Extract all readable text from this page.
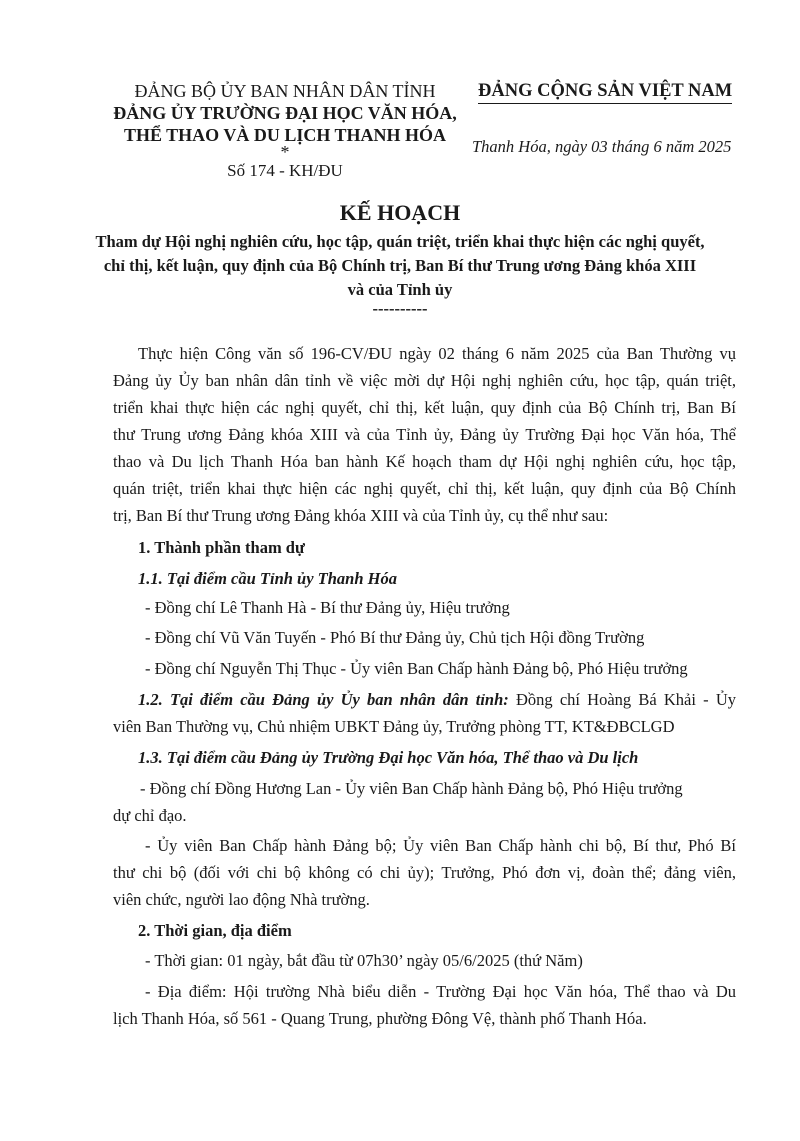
ĐẢNG BỘ ỦY BAN NHÂN DÂN TỈNH
ĐẢNG ỦY TRƯỜNG ĐẠI HỌC VĂN HÓA,
THỂ THAO VÀ DU LỊCH THANH HÓA
*
Số 174 - KH/ĐU
ĐẢNG CỘNG SẢN VIỆT NAM
Thanh Hóa, ngày 03 tháng 6 năm 2025
KẾ HOẠCH
Tham dự Hội nghị nghiên cứu, học tập, quán triệt, triển khai thực hiện các nghị quyết,
chỉ thị, kết luận, quy định của Bộ Chính trị, Ban Bí thư Trung ương Đảng khóa XIII
và của Tỉnh ủy
----------
Thực hiện Công văn số 196-CV/ĐU ngày 02 tháng 6 năm 2025 của Ban Thường vụ
Đảng ủy Ủy ban nhân dân tỉnh về việc mời dự Hội nghị nghiên cứu, học tập, quán triệt,
triển khai thực hiện các nghị quyết, chỉ thị, kết luận, quy định của Bộ Chính trị, Ban Bí
thư Trung ương Đảng khóa XIII và của Tỉnh ủy, Đảng ủy Trường Đại học Văn hóa, Thể
thao và Du lịch Thanh Hóa ban hành Kế hoạch tham dự Hội nghị nghiên cứu, học tập,
quán triệt, triển khai thực hiện các nghị quyết, chỉ thị, kết luận, quy định của Bộ Chính
trị, Ban Bí thư Trung ương Đảng khóa XIII và của Tỉnh ủy, cụ thể như sau:
1. Thành phần tham dự
1.1. Tại điểm cầu Tỉnh ủy Thanh Hóa
- Đồng chí Lê Thanh Hà - Bí thư Đảng ủy, Hiệu trưởng
- Đồng chí Vũ Văn Tuyến - Phó Bí thư Đảng ủy, Chủ tịch Hội đồng Trường
- Đồng chí Nguyễn Thị Thục - Ủy viên Ban Chấp hành Đảng bộ, Phó Hiệu trưởng
1.2. Tại điểm cầu Đảng ủy Ủy ban nhân dân tỉnh: Đồng chí Hoàng Bá Khải - Ủy
viên Ban Thường vụ, Chủ nhiệm UBKT Đảng ủy, Trưởng phòng TT, KT&ĐBCLGD
1.3. Tại điểm cầu Đảng ủy Trường Đại học Văn hóa, Thể thao và Du lịch
- Đồng chí Đồng Hương Lan - Ủy viên Ban Chấp hành Đảng bộ, Phó Hiệu trưởng
dự chỉ đạo.
- Ủy viên Ban Chấp hành Đảng bộ; Ủy viên Ban Chấp hành chi bộ, Bí thư, Phó Bí
thư chi bộ (đối với chi bộ không có chi ủy); Trưởng, Phó đơn vị, đoàn thể; đảng viên,
viên chức, người lao động Nhà trường.
2. Thời gian, địa điểm
- Thời gian: 01 ngày, bắt đầu từ 07h30’ ngày 05/6/2025 (thứ Năm)
- Địa điểm: Hội trường Nhà biểu diễn - Trường Đại học Văn hóa, Thể thao và Du
lịch Thanh Hóa, số 561 - Quang Trung, phường Đông Vệ, thành phố Thanh Hóa.
